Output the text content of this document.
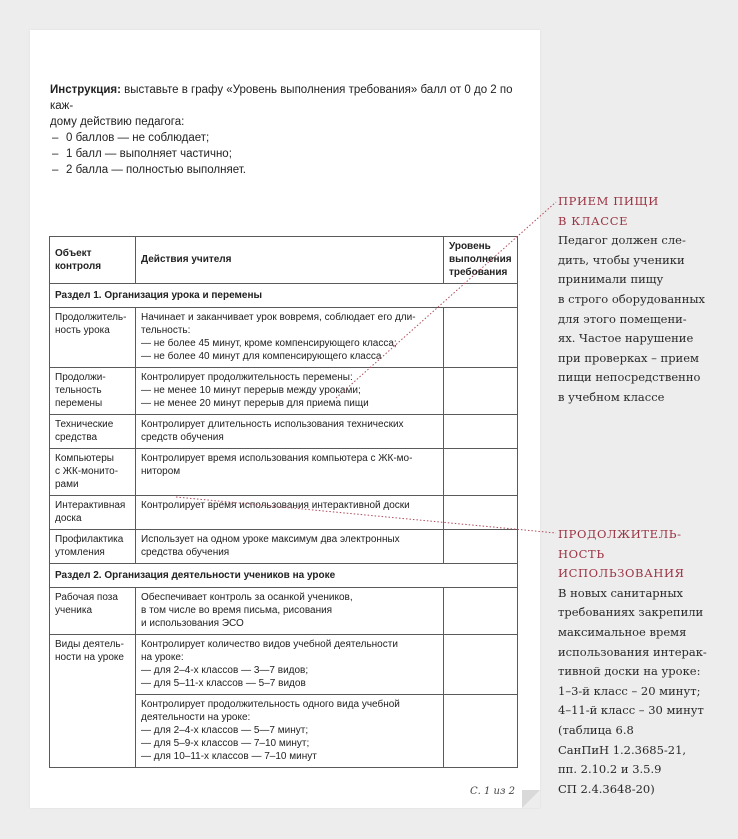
Инструкция: выставьте в графу «Уровень выполнения требования» балл от 0 до 2 по каж-
дому действию педагога:
– 0 баллов — не соблюдает;
– 1 балл — выполняет частично;
– 2 балла — полностью выполняет.
Объект
контроля	Действия учителя	Уровень
выполнения
требования

Раздел 1. Организация урока и перемены		

Продолжитель-
ность урока	Начинает и заканчивает урок вовремя, соблюдает его дли-
тельность:
— не более 45 минут, кроме компенсирующего класса;
— не более 40 минут для компенсирующего класса	

Продолжи-
тельность
перемены	Контролирует продолжительность перемены:
— не менее 10 минут перерыв между уроками;
— не менее 20 минут перерыв для приема пищи	

Технические
средства	Контролирует длительность использования технических
средств обучения	

Компьютеры
с ЖК-монито-
рами	Контролирует время использования компьютера с ЖК-мо-
нитором	

Интерактивная
доска	Контролирует время использования интерактивной доски	

Профилактика
утомления	Использует на одном уроке максимум два электронных
средства обучения	

Раздел 2. Организация деятельности учеников на уроке		

Рабочая поза
ученика	Обеспечивает контроль за осанкой учеников,
в том числе во время письма, рисования
и использования ЭСО	

Виды деятель-
ности на уроке	Контролирует количество видов учебной деятельности
на уроке:
— для 2–4-х классов — 3—7 видов;
— для 5–11-х классов — 5–7 видов	

	Контролирует продолжительность одного вида учебной
деятельности на уроке:
— для 2–4-х классов — 5—7 минут;
— для 5–9-х классов — 7–10 минут;
— для 10–11-х классов — 7–10 минут	

ПРИЕМ ПИЩИ
В КЛАССЕ
Педагог должен сле-
дить, чтобы ученики
принимали пищу
в строго оборудованных
для этого помещени-
ях. Частое нарушение
при проверках – прием
пищи непосредственно
в учебном классе
ПРОДОЛЖИТЕЛЬ-
НОСТЬ
ИСПОЛЬЗОВАНИЯ
В новых санитарных
требованиях закрепили
максимальное время
использования интерак-
тивной доски на уроке:
1–3-й класс – 20 минут;
4–11-й класс – 30 минут
(таблица 6.8
СанПиН 1.2.3685-21,
пп. 2.10.2 и 3.5.9
СП 2.4.3648-20)
С. 1 из 2
